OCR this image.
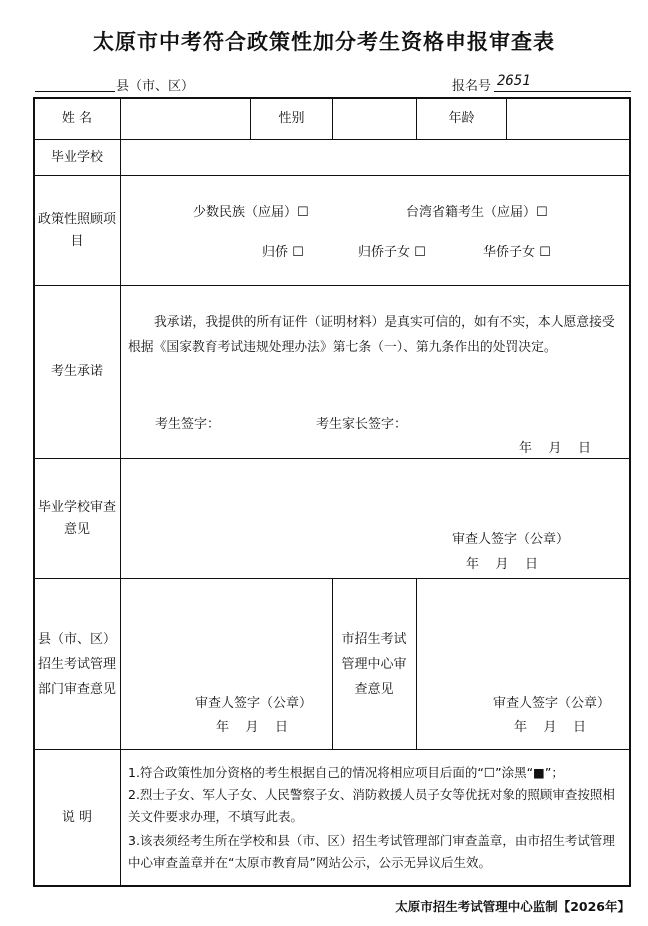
太原市中考符合政策性加分考生资格申报审查表
县（市、区）	报名号 2651
姓 名	性别	年龄
毕业学校
政策性照顾项目
少数民族（应届）☐	台湾省籍考生（应届）☐
归侨 ☐	归侨子女 ☐	华侨子女 ☐
考生承诺
我承诺，我提供的所有证件（证明材料）是真实可信的，如有不实，本人愿意接受根据《国家教育考试违规处理办法》第七条（一）、第九条作出的处罚决定。
考生签字：	考生家长签字：
年    月    日
毕业学校审查意见
审查人签字（公章）
年    月    日
县（市、区）招生考试管理部门审查意见
审查人签字（公章）
年    月    日
市招生考试管理中心审查意见
审查人签字（公章）
年    月    日
说 明
1.符合政策性加分资格的考生根据自己的情况将相应项目后面的“☐”涂黑“■”；
2.烈士子女、军人子女、人民警察子女、消防救援人员子女等优抚对象的照顾审查按照相关文件要求办理，不填写此表。
3.该表须经考生所在学校和县（市、区）招生考试管理部门审查盖章，由市招生考试管理中心审查盖章并在“太原市教育局”网站公示，公示无异议后生效。
太原市招生考试管理中心监制【2026年】
